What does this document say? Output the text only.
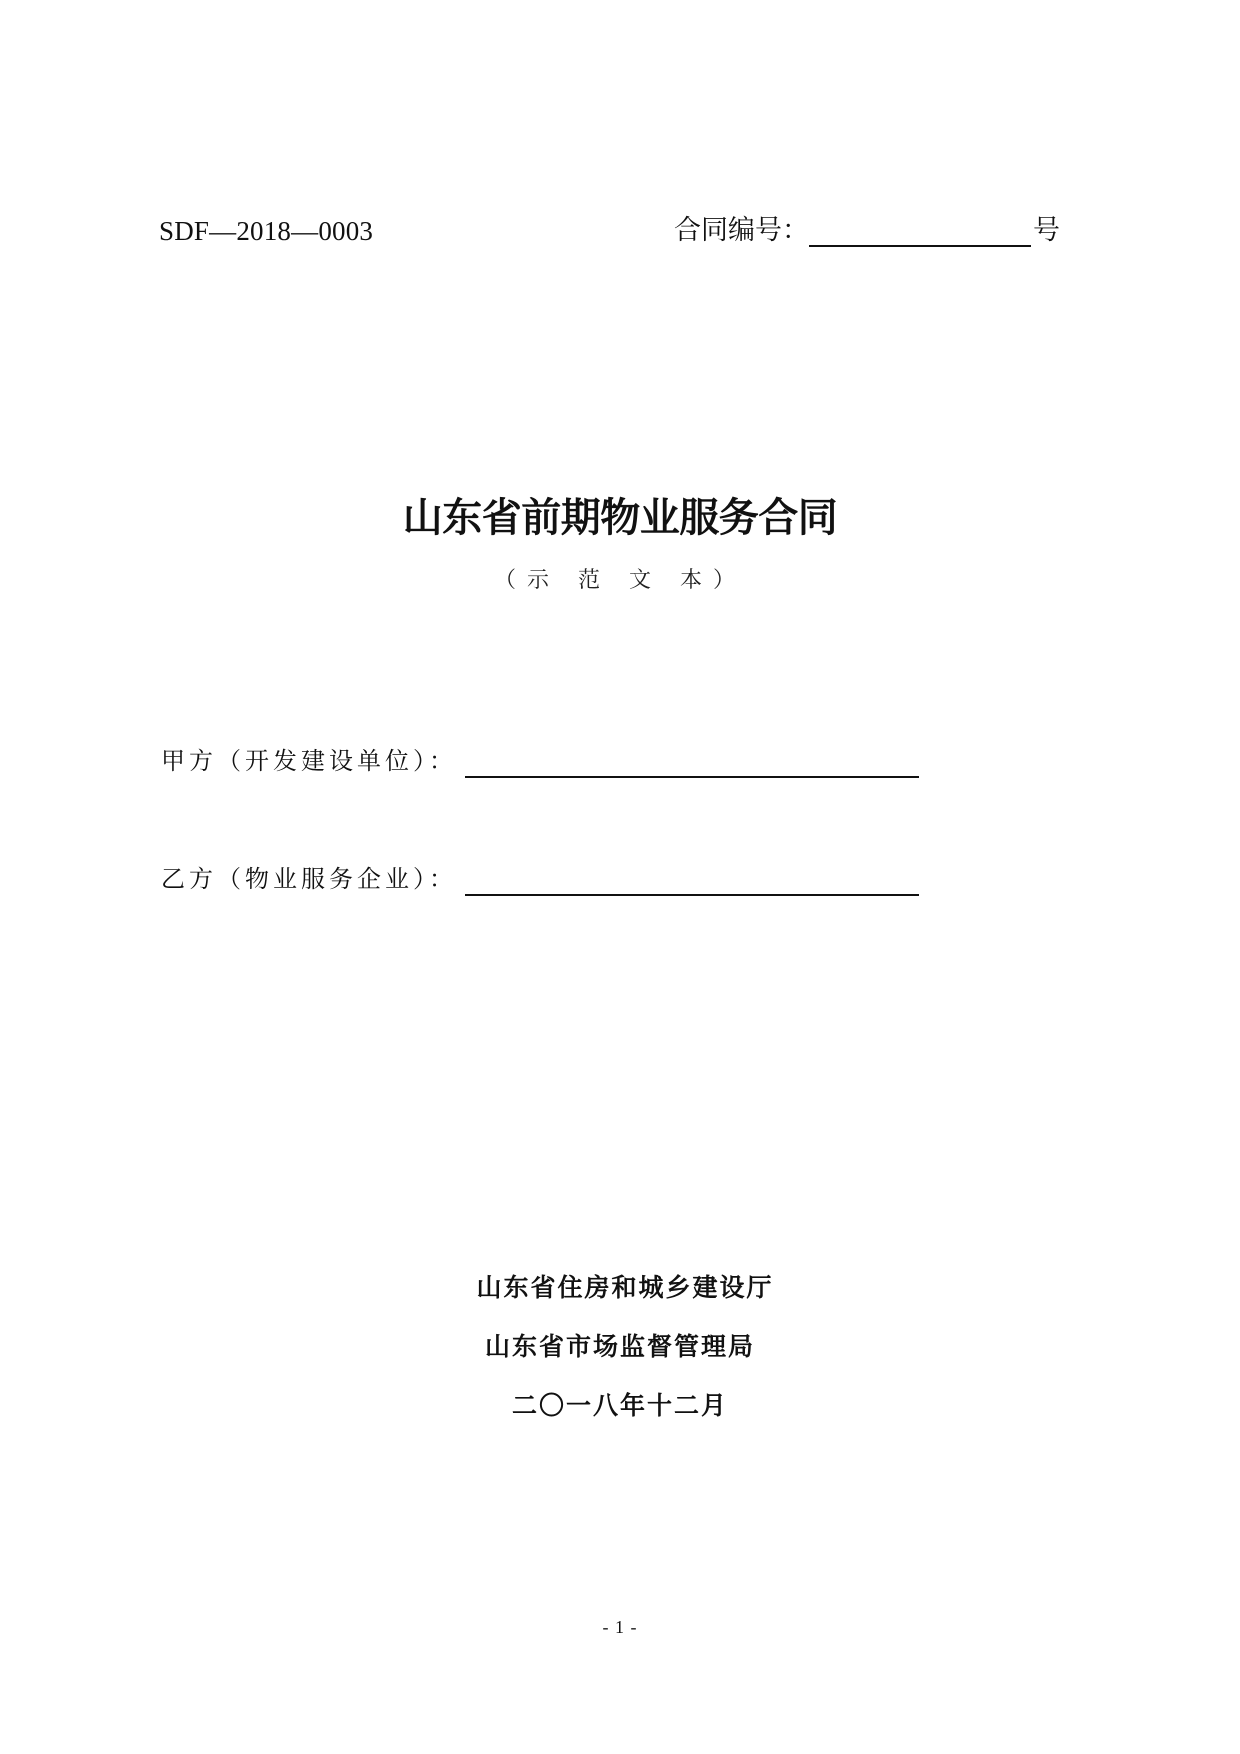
SDF—2018—0003	合同编号：	号
山东省前期物业服务合同
（示 范 文 本）
甲方（开发建设单位）：
乙方（物业服务企业）：
山东省住房和城乡建设厅
山东省市场监督管理局
二〇一八年十二月
- 1 -
